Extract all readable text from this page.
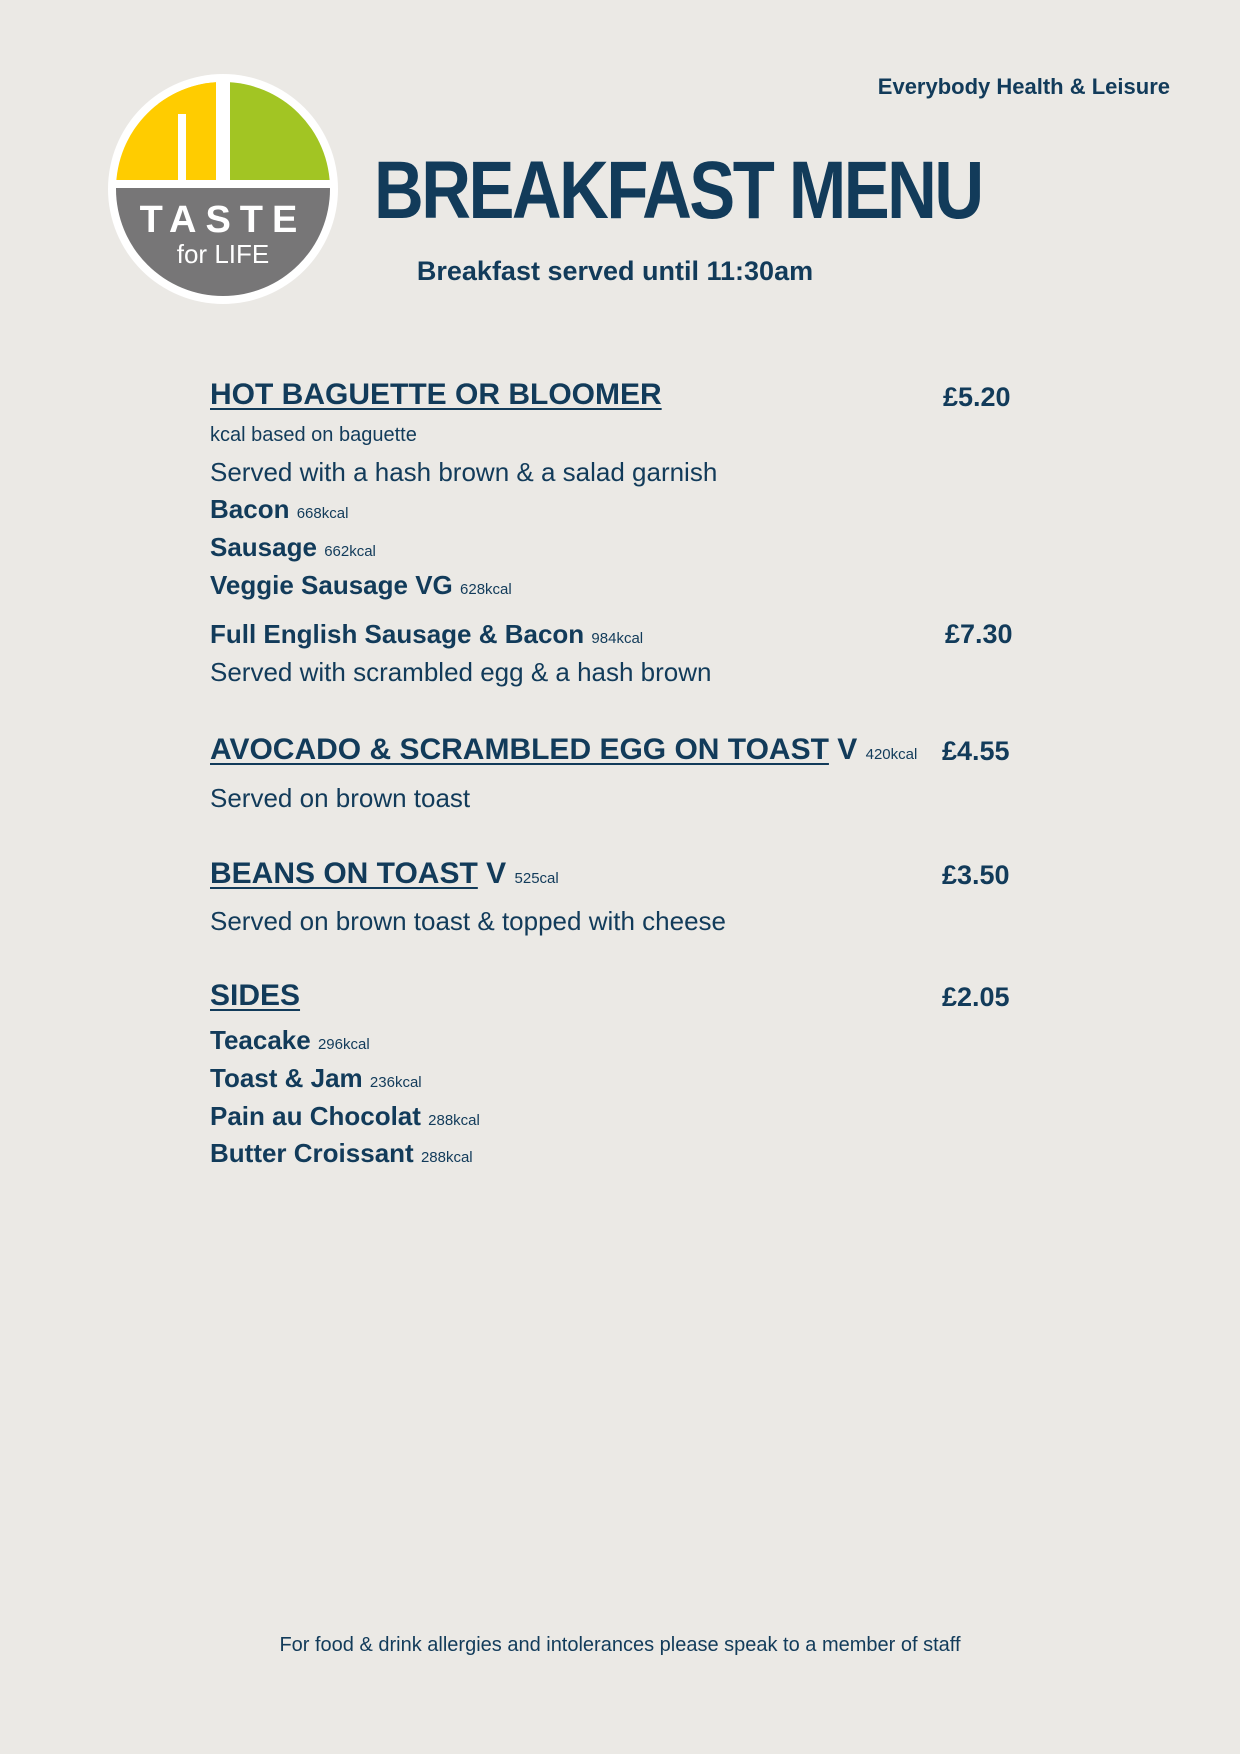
Everybody Health & Leisure
TASTE
for LIFE
BREAKFAST MENU
Breakfast served until 11:30am
HOT BAGUETTE OR BLOOMER	£5.20
kcal based on baguette
Served with a hash brown & a salad garnish
Bacon 668kcal
Sausage 662kcal
Veggie Sausage VG 628kcal
Full English Sausage & Bacon 984kcal	£7.30
Served with scrambled egg & a hash brown
AVOCADO & SCRAMBLED EGG ON TOAST V 420kcal £4.55
Served on brown toast
BEANS ON TOAST V 525cal	£3.50
Served on brown toast & topped with cheese
SIDES	£2.05
Teacake 296kcal
Toast & Jam 236kcal
Pain au Chocolat 288kcal
Butter Croissant 288kcal
For food & drink allergies and intolerances please speak to a member of staff
